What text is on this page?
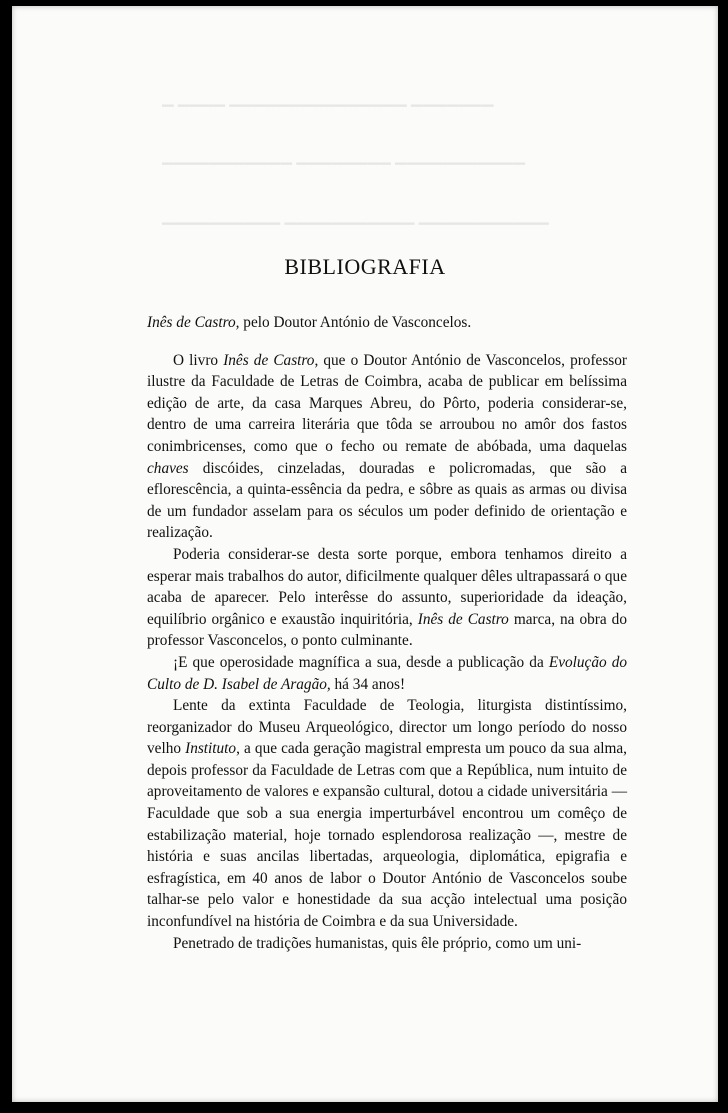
▁ ▁▁▁▁ ▁▁▁▁▁▁▁▁▁▁▁▁▁▁▁ ▁▁▁▁▁▁▁
▁▁▁▁▁▁▁▁▁▁▁ ▁▁▁▁▁▁▁▁ ▁▁▁▁▁▁▁▁▁▁▁
▁▁▁▁▁▁▁▁▁▁ ▁▁▁▁▁▁▁▁▁▁▁ ▁▁▁▁▁▁▁▁▁▁▁
BIBLIOGRAFIA

Inês de Castro, pelo Doutor António de Vasconcelos.

O livro Inês de Castro, que o Doutor António de Vasconcelos, professor ilustre da Faculdade de Letras de Coimbra, acaba de publicar em belíssima edição de arte, da casa Marques Abreu, do Pôrto, poderia considerar-se, dentro de uma carreira literária que tôda se arroubou no amôr dos fastos conimbricenses, como que o fecho ou remate de abóbada, uma daquelas chaves discóides, cinzeladas, douradas e policromadas, que são a eflorescência, a quinta-essência da pedra, e sôbre as quais as armas ou divisa de um fundador asselam para os séculos um poder definido de orientação e realização.

Poderia considerar-se desta sorte porque, embora tenhamos direito a esperar mais trabalhos do autor, dificilmente qualquer dêles ultrapassará o que acaba de aparecer. Pelo interêsse do assunto, superioridade da ideação, equilíbrio orgânico e exaustão inquiritória, Inês de Castro marca, na obra do professor Vasconcelos, o ponto culminante.

¡E que operosidade magnífica a sua, desde a publicação da Evolução do Culto de D. Isabel de Aragão, há 34 anos!

Lente da extinta Faculdade de Teologia, liturgista distintíssimo, reorganizador do Museu Arqueológico, director um longo período do nosso velho Instituto, a que cada geração magistral empresta um pouco da sua alma, depois professor da Faculdade de Letras com que a República, num intuito de aproveitamento de valores e expansão cultural, dotou a cidade universitária — Faculdade que sob a sua energia imperturbável encontrou um comêço de estabilização material, hoje tornado esplendorosa realização —, mestre de história e suas ancilas libertadas, arqueologia, diplomática, epigrafia e esfragística, em 40 anos de labor o Doutor António de Vasconcelos soube talhar-se pelo valor e honestidade da sua acção intelectual uma posição inconfundível na história de Coimbra e da sua Universidade.

Penetrado de tradições humanistas, quis êle próprio, como um uni-
